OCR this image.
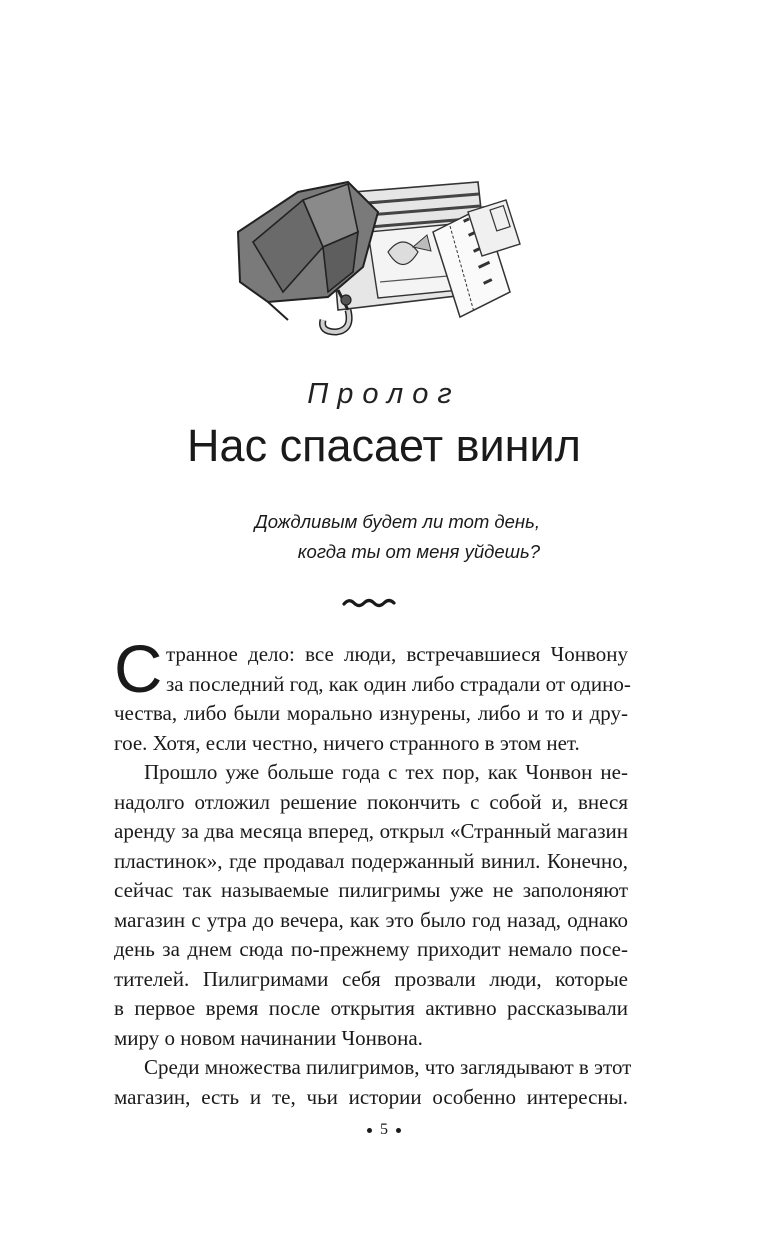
Пролог
Нас спасает винил
Дождливым будет ли тот день,
когда ты от меня уйдешь?
С транное дело: все люди, встречавшиеся Чонвону
за последний год, как один либо страдали от одино-
чества, либо были морально изнурены, либо и то и дру-
гое. Хотя, если честно, ничего странного в этом нет.
Прошло уже больше года с тех пор, как Чонвон не-
надолго отложил решение покончить с собой и, внеся
аренду за два месяца вперед, открыл «Странный магазин
пластинок», где продавал подержанный винил. Конечно,
сейчас так называемые пилигримы уже не заполоняют
магазин с утра до вечера, как это было год назад, однако
день за днем сюда по-прежнему приходит немало посе-
тителей. Пилигримами себя прозвали люди, которые
в первое время после открытия активно рассказывали
миру о новом начинании Чонвона.
Среди множества пилигримов, что заглядывают в этот
магазин, есть и те, чьи истории особенно интересны.
5
